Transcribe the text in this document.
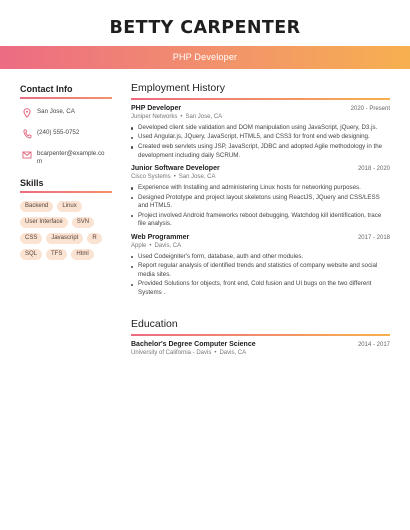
BETTY CARPENTER
PHP Developer
Contact Info
San Jose, CA
(240) 555-0752
bcarpenter@example.com
Skills
Backend	Linux
User Interface	SVN
CSS	Javascript	R
SQL	TFS	Html
Employment History
PHP Developer	2020 - Present
Juniper Networks • San Jose, CA
Developed client side validation and DOM manipulation using JavaScript, jQuery, D3.js.
Used Angular.js, JQuery, JavaScript, HTML5, and CSS3 for front end web designing.
Created web servlets using JSP, JavaScript, JDBC and adopted Agile methodology in the development including daily SCRUM.
Junior Software Developer	2018 - 2020
Cisco Systems • San Jose, CA
Experience with Installing and administering Linux hosts for networking purposes.
Designed Prototype and project layout skeletons using ReactJS, JQuery and CSS/LESS and HTML5.
Project involved Android frameworks reboot debugging, Watchdog kill identification, trace file analysis.
Web Programmer	2017 - 2018
Apple • Davis, CA
Used Codeigniter's form, database, auth and other modules.
Report regular analysis of identified trends and statistics of company website and social media sites.
Provided Solutions for objects, front end, Cold fusion and UI bugs on the two different Systems .
Education
Bachelor's Degree Computer Science	2014 - 2017
University of California - Davis • Davis, CA
